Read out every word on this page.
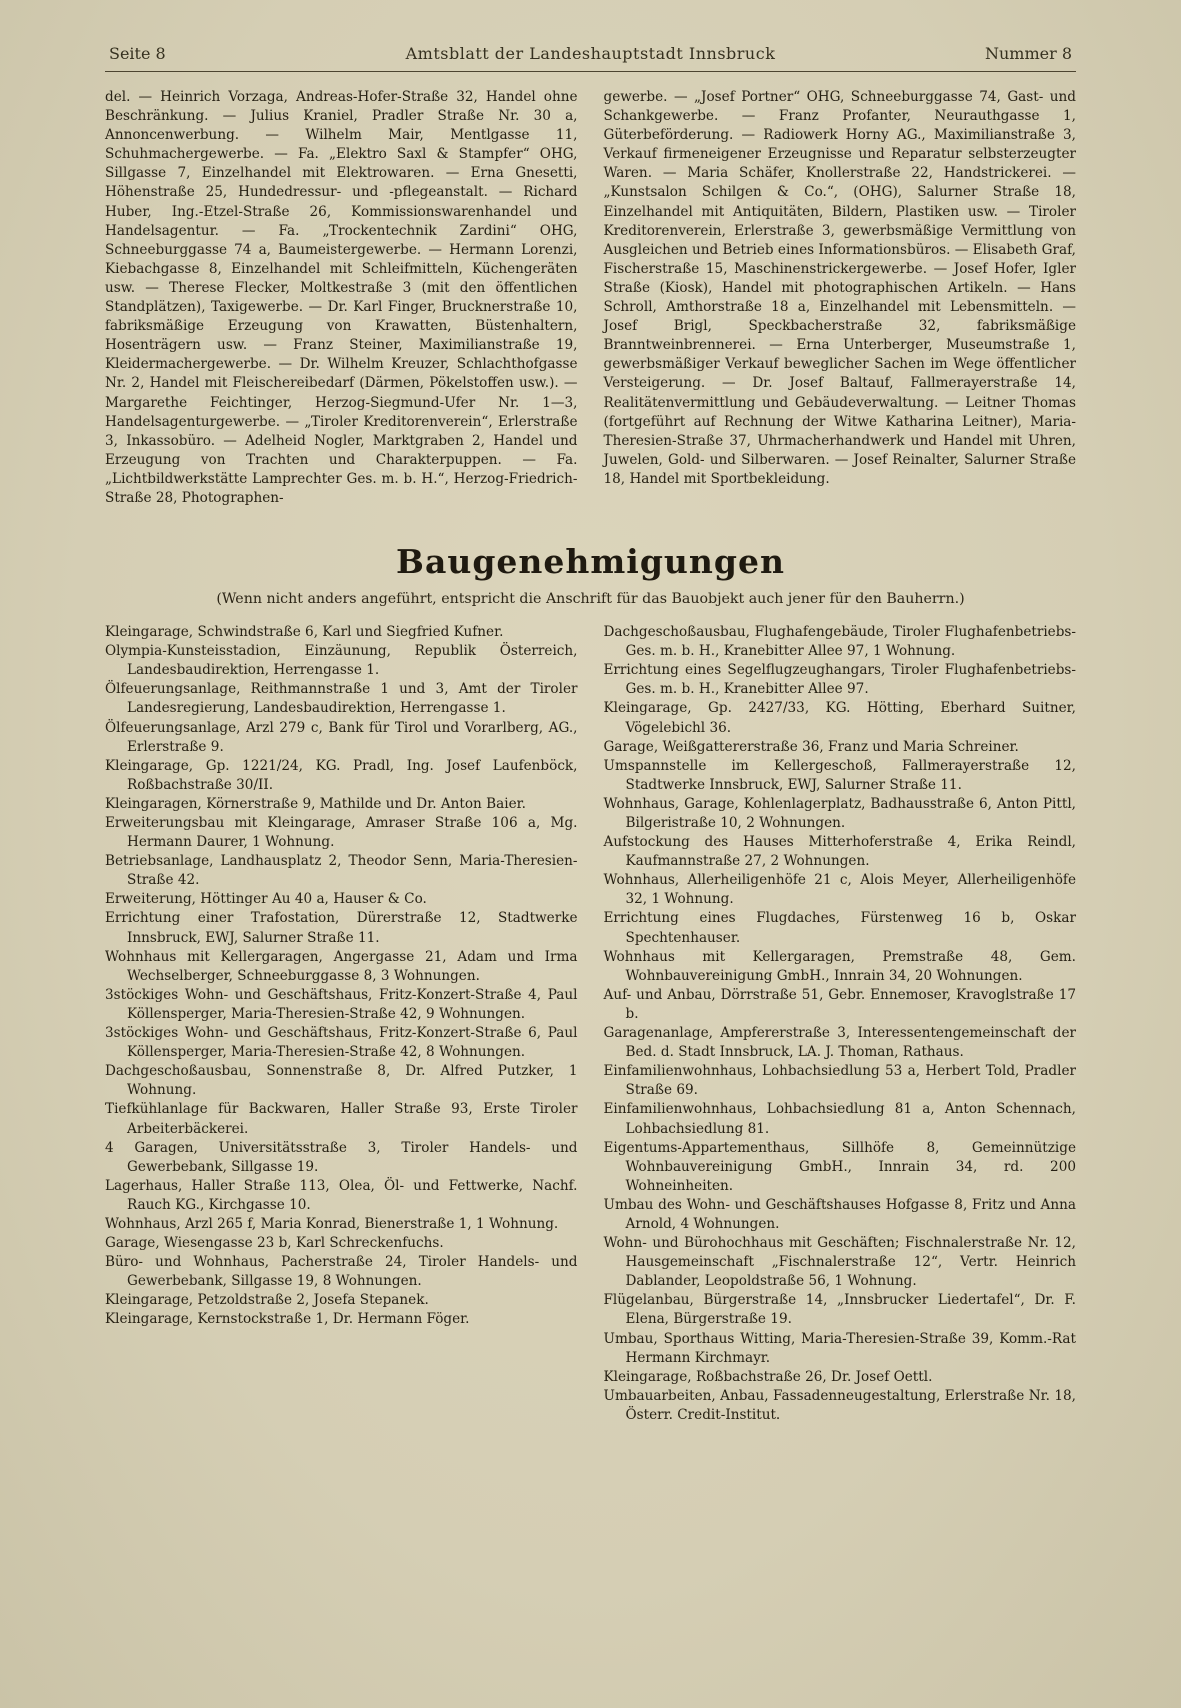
Seite 8	Amtsblatt der Landeshauptstadt Innsbruck	Nummer 8

del. — Heinrich Vorzaga, Andreas-Hofer-Straße 32, Handel ohne Beschränkung. — Julius Kraniel, Pradler Straße Nr. 30 a, Annoncenwerbung. — Wilhelm Mair, Mentlgasse 11, Schuhmachergewerbe. — Fa. „Elektro Saxl & Stampfer“ OHG, Sillgasse 7, Einzelhandel mit Elektrowaren. — Erna Gnesetti, Höhenstraße 25, Hundedressur- und -pflegeanstalt. — Richard Huber, Ing.-Etzel-Straße 26, Kommissionswarenhandel und Handelsagentur. — Fa. „Trockentechnik Zardini“ OHG, Schneeburggasse 74 a, Baumeistergewerbe. — Hermann Lorenzi, Kiebachgasse 8, Einzelhandel mit Schleifmitteln, Küchengeräten usw. — Therese Flecker, Moltkestraße 3 (mit den öffentlichen Standplätzen), Taxigewerbe. — Dr. Karl Finger, Brucknerstraße 10, fabriksmäßige Erzeugung von Krawatten, Büstenhaltern, Hosenträgern usw. — Franz Steiner, Maximilianstraße 19, Kleidermachergewerbe. — Dr. Wilhelm Kreuzer, Schlachthofgasse Nr. 2, Handel mit Fleischereibedarf (Därmen, Pökelstoffen usw.). — Margarethe Feichtinger, Herzog-Siegmund-Ufer Nr. 1—3, Handelsagenturgewerbe. — „Tiroler Kreditorenverein“, Erlerstraße 3, Inkassobüro. — Adelheid Nogler, Marktgraben 2, Handel und Erzeugung von Trachten und Charakterpuppen. — Fa. „Lichtbildwerkstätte Lamprechter Ges. m. b. H.“, Herzog-Friedrich-Straße 28, Photographen-

gewerbe. — „Josef Portner“ OHG, Schneeburggasse 74, Gast- und Schankgewerbe. — Franz Profanter, Neurauthgasse 1, Güterbeförderung. — Radiowerk Horny AG., Maximilianstraße 3, Verkauf firmeneigener Erzeugnisse und Reparatur selbsterzeugter Waren. — Maria Schäfer, Knollerstraße 22, Handstrickerei. — „Kunstsalon Schilgen & Co.“, (OHG), Salurner Straße 18, Einzelhandel mit Antiquitäten, Bildern, Plastiken usw. — Tiroler Kreditorenverein, Erlerstraße 3, gewerbsmäßige Vermittlung von Ausgleichen und Betrieb eines Informationsbüros. — Elisabeth Graf, Fischerstraße 15, Maschinenstrickergewerbe. — Josef Hofer, Igler Straße (Kiosk), Handel mit photographischen Artikeln. — Hans Schroll, Amthorstraße 18 a, Einzelhandel mit Lebensmitteln. — Josef Brigl, Speckbacherstraße 32, fabriksmäßige Branntweinbrennerei. — Erna Unterberger, Museumstraße 1, gewerbsmäßiger Verkauf beweglicher Sachen im Wege öffentlicher Versteigerung. — Dr. Josef Baltauf, Fallmerayerstraße 14, Realitätenvermittlung und Gebäudeverwaltung. — Leitner Thomas (fortgeführt auf Rechnung der Witwe Katharina Leitner), Maria-Theresien-Straße 37, Uhrmacherhandwerk und Handel mit Uhren, Juwelen, Gold- und Silberwaren. — Josef Reinalter, Salurner Straße 18, Handel mit Sportbekleidung.

Baugenehmigungen

(Wenn nicht anders angeführt, entspricht die Anschrift für das Bauobjekt auch jener für den Bauherrn.)

Kleingarage, Schwindstraße 6, Karl und Siegfried Kufner.

Olympia-Kunsteisstadion, Einzäunung, Republik Österreich, Landesbaudirektion, Herrengasse 1.

Ölfeuerungsanlage, Reithmannstraße 1 und 3, Amt der Tiroler Landesregierung, Landesbaudirektion, Herrengasse 1.

Ölfeuerungsanlage, Arzl 279 c, Bank für Tirol und Vorarlberg, AG., Erlerstraße 9.

Kleingarage, Gp. 1221/24, KG. Pradl, Ing. Josef Laufenböck, Roßbachstraße 30/II.

Kleingaragen, Körnerstraße 9, Mathilde und Dr. Anton Baier.

Erweiterungsbau mit Kleingarage, Amraser Straße 106 a, Mg. Hermann Daurer, 1 Wohnung.

Betriebsanlage, Landhausplatz 2, Theodor Senn, Maria-Theresien-Straße 42.

Erweiterung, Höttinger Au 40 a, Hauser & Co.

Errichtung einer Trafostation, Dürerstraße 12, Stadtwerke Innsbruck, EWJ, Salurner Straße 11.

Wohnhaus mit Kellergaragen, Angergasse 21, Adam und Irma Wechselberger, Schneeburggasse 8, 3 Wohnungen.

3stöckiges Wohn- und Geschäftshaus, Fritz-Konzert-Straße 4, Paul Köllensperger, Maria-Theresien-Straße 42, 9 Wohnungen.

3stöckiges Wohn- und Geschäftshaus, Fritz-Konzert-Straße 6, Paul Köllensperger, Maria-Theresien-Straße 42, 8 Wohnungen.

Dachgeschoßausbau, Sonnenstraße 8, Dr. Alfred Putzker, 1 Wohnung.

Tiefkühlanlage für Backwaren, Haller Straße 93, Erste Tiroler Arbeiterbäckerei.

4 Garagen, Universitätsstraße 3, Tiroler Handels- und Gewerbebank, Sillgasse 19.

Lagerhaus, Haller Straße 113, Olea, Öl- und Fettwerke, Nachf. Rauch KG., Kirchgasse 10.

Wohnhaus, Arzl 265 f, Maria Konrad, Bienerstraße 1, 1 Wohnung.

Garage, Wiesengasse 23 b, Karl Schreckenfuchs.

Büro- und Wohnhaus, Pacherstraße 24, Tiroler Handels- und Gewerbebank, Sillgasse 19, 8 Wohnungen.

Kleingarage, Petzoldstraße 2, Josefa Stepanek.

Kleingarage, Kernstockstraße 1, Dr. Hermann Föger.

Dachgeschoßausbau, Flughafengebäude, Tiroler Flughafenbetriebs-Ges. m. b. H., Kranebitter Allee 97, 1 Wohnung.

Errichtung eines Segelflugzeughangars, Tiroler Flughafenbetriebs-Ges. m. b. H., Kranebitter Allee 97.

Kleingarage, Gp. 2427/33, KG. Hötting, Eberhard Suitner, Vögelebichl 36.

Garage, Weißgattererstraße 36, Franz und Maria Schreiner.

Umspannstelle im Kellergeschoß, Fallmerayerstraße 12, Stadtwerke Innsbruck, EWJ, Salurner Straße 11.

Wohnhaus, Garage, Kohlenlagerplatz, Badhausstraße 6, Anton Pittl, Bilgeristraße 10, 2 Wohnungen.

Aufstockung des Hauses Mitterhoferstraße 4, Erika Reindl, Kaufmannstraße 27, 2 Wohnungen.

Wohnhaus, Allerheiligenhöfe 21 c, Alois Meyer, Allerheiligenhöfe 32, 1 Wohnung.

Errichtung eines Flugdaches, Fürstenweg 16 b, Oskar Spechtenhauser.

Wohnhaus mit Kellergaragen, Premstraße 48, Gem. Wohnbauvereinigung GmbH., Innrain 34, 20 Wohnungen.

Auf- und Anbau, Dörrstraße 51, Gebr. Ennemoser, Kravoglstraße 17 b.

Garagenanlage, Ampfererstraße 3, Interessentengemeinschaft der Bed. d. Stadt Innsbruck, LA. J. Thoman, Rathaus.

Einfamilienwohnhaus, Lohbachsiedlung 53 a, Herbert Told, Pradler Straße 69.

Einfamilienwohnhaus, Lohbachsiedlung 81 a, Anton Schennach, Lohbachsiedlung 81.

Eigentums-Appartementhaus, Sillhöfe 8, Gemeinnützige Wohnbauvereinigung GmbH., Innrain 34, rd. 200 Wohneinheiten.

Umbau des Wohn- und Geschäftshauses Hofgasse 8, Fritz und Anna Arnold, 4 Wohnungen.

Wohn- und Bürohochhaus mit Geschäften; Fischnalerstraße Nr. 12, Hausgemeinschaft „Fischnalerstraße 12“, Vertr. Heinrich Dablander, Leopoldstraße 56, 1 Wohnung.

Flügelanbau, Bürgerstraße 14, „Innsbrucker Liedertafel“, Dr. F. Elena, Bürgerstraße 19.

Umbau, Sporthaus Witting, Maria-Theresien-Straße 39, Komm.-Rat Hermann Kirchmayr.

Kleingarage, Roßbachstraße 26, Dr. Josef Oettl.

Umbauarbeiten, Anbau, Fassadenneugestaltung, Erlerstraße Nr. 18, Österr. Credit-Institut.
